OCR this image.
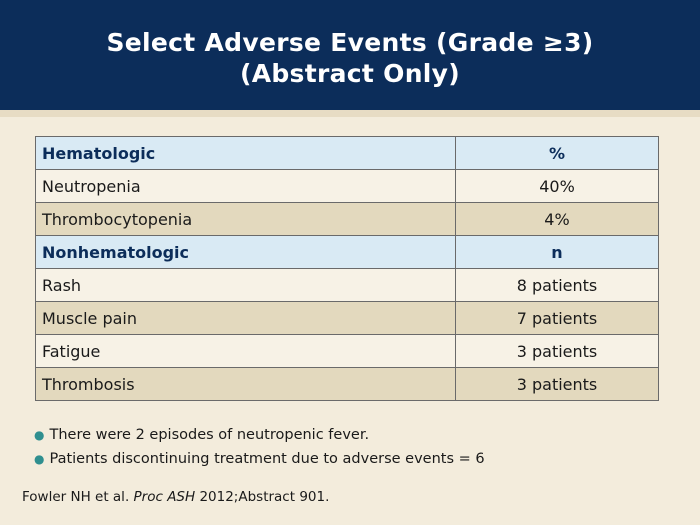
Select Adverse Events (Grade ≥3)
(Abstract Only)
Hematologic	%
Neutropenia	40%
Thrombocytopenia	4%
Nonhematologic	n
Rash	8 patients
Muscle pain	7 patients
Fatigue	3 patients
Thrombosis	3 patients
● There were 2 episodes of neutropenic fever.
● Patients discontinuing treatment due to adverse events = 6
Fowler NH et al. Proc ASH 2012;Abstract 901.
